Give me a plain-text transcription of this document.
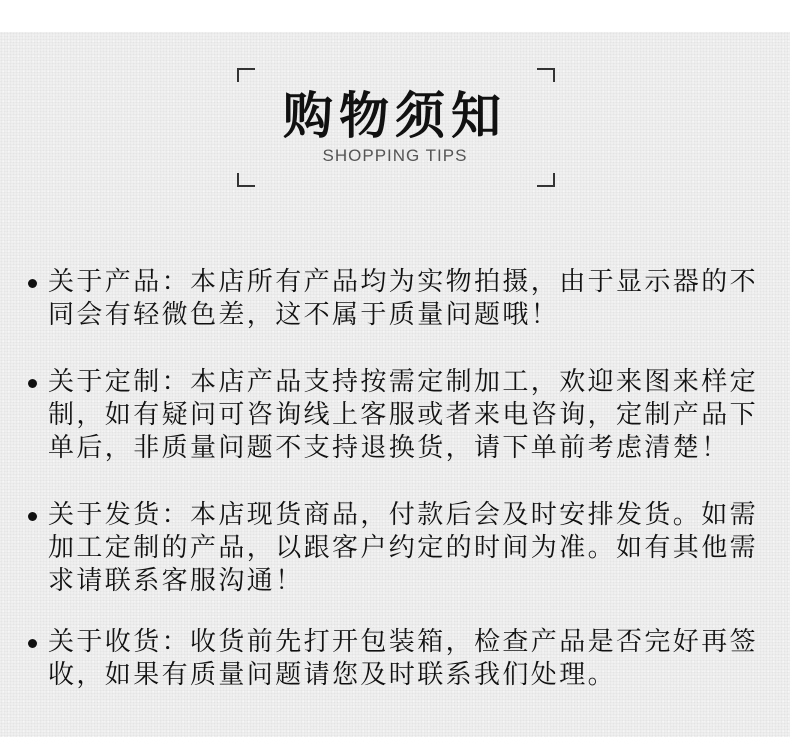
购物须知
SHOPPING TIPS
关于产品：本店所有产品均为实物拍摄，由于显示器的不
同会有轻微色差，这不属于质量问题哦！
关于定制：本店产品支持按需定制加工，欢迎来图来样定
制，如有疑问可咨询线上客服或者来电咨询，定制产品下
单后，非质量问题不支持退换货，请下单前考虑清楚！
关于发货：本店现货商品，付款后会及时安排发货。如需
加工定制的产品，以跟客户约定的时间为准。如有其他需
求请联系客服沟通！
关于收货：收货前先打开包装箱，检查产品是否完好再签
收，如果有质量问题请您及时联系我们处理。
